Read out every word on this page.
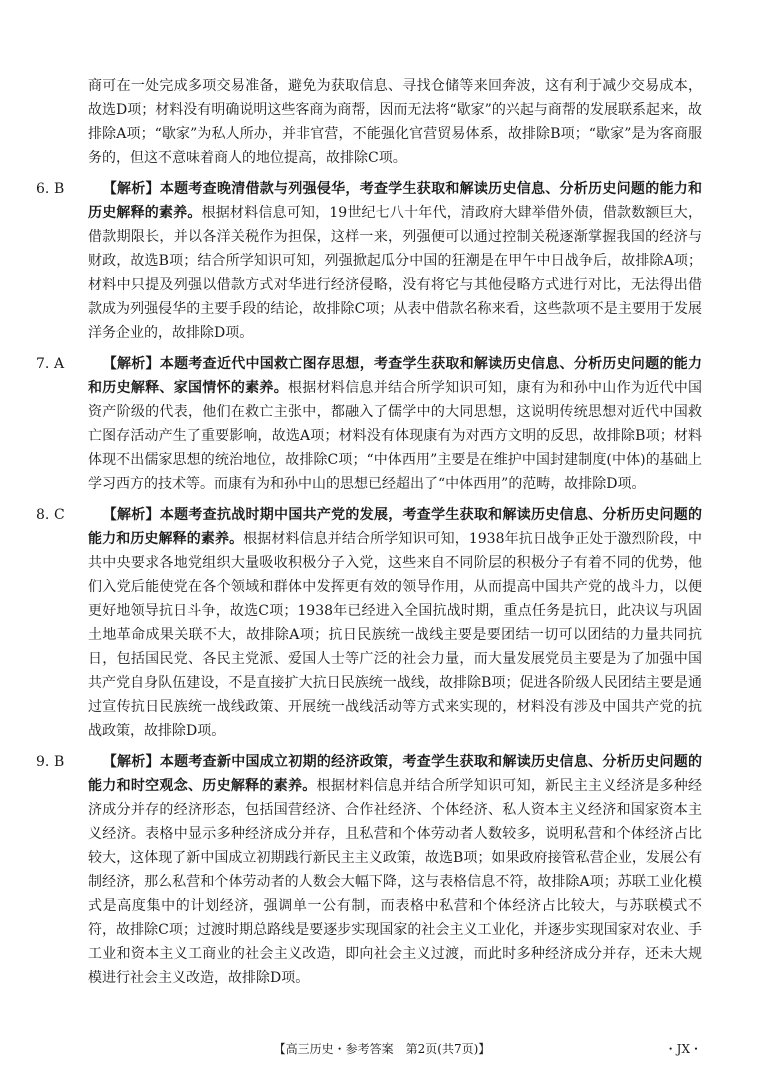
商可在一处完成多项交易准备，避免为获取信息、寻找仓储等来回奔波，这有利于减少交易成本，故选D项；材料没有明确说明这些客商为商帮，因而无法将“歇家”的兴起与商帮的发展联系起来，故排除A项；“歇家”为私人所办，并非官营，不能强化官营贸易体系，故排除B项；“歇家”是为客商服务的，但这不意味着商人的地位提高，故排除C项。

6. B	【解析】本题考查晚清借款与列强侵华，考查学生获取和解读历史信息、分析历史问题的能力和历史解释的素养。根据材料信息可知，19世纪七八十年代，清政府大肆举借外债，借款数额巨大，借款期限长，并以各洋关税作为担保，这样一来，列强便可以通过控制关税逐渐掌握我国的经济与财政，故选B项；结合所学知识可知，列强掀起瓜分中国的狂潮是在甲午中日战争后，故排除A项；材料中只提及列强以借款方式对华进行经济侵略，没有将它与其他侵略方式进行对比，无法得出借款成为列强侵华的主要手段的结论，故排除C项；从表中借款名称来看，这些款项不是主要用于发展洋务企业的，故排除D项。

7. A	【解析】本题考查近代中国救亡图存思想，考查学生获取和解读历史信息、分析历史问题的能力和历史解释、家国情怀的素养。根据材料信息并结合所学知识可知，康有为和孙中山作为近代中国资产阶级的代表，他们在救亡主张中，都融入了儒学中的大同思想，这说明传统思想对近代中国救亡图存活动产生了重要影响，故选A项；材料没有体现康有为对西方文明的反思，故排除B项；材料体现不出儒家思想的统治地位，故排除C项；“中体西用”主要是在维护中国封建制度(中体)的基础上学习西方的技术等。而康有为和孙中山的思想已经超出了“中体西用”的范畴，故排除D项。

8. C	【解析】本题考查抗战时期中国共产党的发展，考查学生获取和解读历史信息、分析历史问题的能力和历史解释的素养。根据材料信息并结合所学知识可知，1938年抗日战争正处于激烈阶段，中共中央要求各地党组织大量吸收积极分子入党，这些来自不同阶层的积极分子有着不同的优势，他们入党后能使党在各个领域和群体中发挥更有效的领导作用，从而提高中国共产党的战斗力，以便更好地领导抗日斗争，故选C项；1938年已经进入全国抗战时期，重点任务是抗日，此决议与巩固土地革命成果关联不大，故排除A项；抗日民族统一战线主要是要团结一切可以团结的力量共同抗日，包括国民党、各民主党派、爱国人士等广泛的社会力量，而大量发展党员主要是为了加强中国共产党自身队伍建设，不是直接扩大抗日民族统一战线，故排除B项；促进各阶级人民团结主要是通过宣传抗日民族统一战线政策、开展统一战线活动等方式来实现的，材料没有涉及中国共产党的抗战政策，故排除D项。

9. B	【解析】本题考查新中国成立初期的经济政策，考查学生获取和解读历史信息、分析历史问题的能力和时空观念、历史解释的素养。根据材料信息并结合所学知识可知，新民主主义经济是多种经济成分并存的经济形态，包括国营经济、合作社经济、个体经济、私人资本主义经济和国家资本主义经济。表格中显示多种经济成分并存，且私营和个体劳动者人数较多，说明私营和个体经济占比较大，这体现了新中国成立初期践行新民主主义政策，故选B项；如果政府接管私营企业，发展公有制经济，那么私营和个体劳动者的人数会大幅下降，这与表格信息不符，故排除A项；苏联工业化模式是高度集中的计划经济，强调单一公有制，而表格中私营和个体经济占比较大，与苏联模式不符，故排除C项；过渡时期总路线是要逐步实现国家的社会主义工业化，并逐步实现国家对农业、手工业和资本主义工商业的社会主义改造，即向社会主义过渡，而此时多种经济成分并存，还未大规模进行社会主义改造，故排除D项。

【高三历史・参考答案　第2页(共7页)】	・JX・
